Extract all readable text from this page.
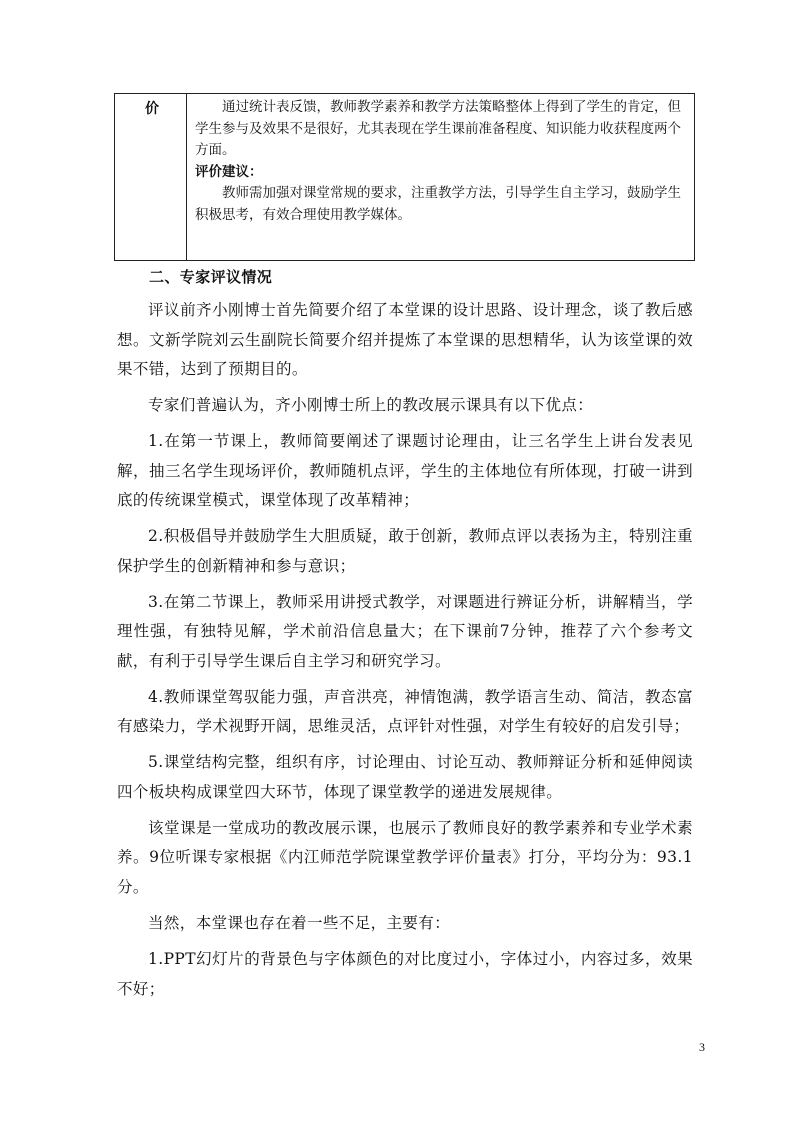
价	通过统计表反馈，教师教学素养和教学方法策略整体上得到了学生的肯定，但学生参与及效果不是很好，尤其表现在学生课前准备程度、知识能力收获程度两个方面。

评价建议：

教师需加强对课堂常规的要求，注重教学方法，引导学生自主学习，鼓励学生积极思考，有效合理使用教学媒体。

二、专家评议情况

评议前齐小刚博士首先简要介绍了本堂课的设计思路、设计理念，谈了教后感想。文新学院刘云生副院长简要介绍并提炼了本堂课的思想精华，认为该堂课的效果不错，达到了预期目的。

专家们普遍认为，齐小刚博士所上的教改展示课具有以下优点：

1.在第一节课上，教师简要阐述了课题讨论理由，让三名学生上讲台发表见解，抽三名学生现场评价，教师随机点评，学生的主体地位有所体现，打破一讲到底的传统课堂模式，课堂体现了改革精神；

2.积极倡导并鼓励学生大胆质疑，敢于创新，教师点评以表扬为主，特别注重保护学生的创新精神和参与意识；

3.在第二节课上，教师采用讲授式教学，对课题进行辨证分析，讲解精当，学理性强，有独特见解，学术前沿信息量大；在下课前7分钟，推荐了六个参考文献，有利于引导学生课后自主学习和研究学习。

4.教师课堂驾驭能力强，声音洪亮，神情饱满，教学语言生动、简洁，教态富有感染力，学术视野开阔，思维灵活，点评针对性强，对学生有较好的启发引导；

5.课堂结构完整，组织有序，讨论理由、讨论互动、教师辩证分析和延伸阅读四个板块构成课堂四大环节，体现了课堂教学的递进发展规律。

该堂课是一堂成功的教改展示课，也展示了教师良好的教学素养和专业学术素养。9位听课专家根据《内江师范学院课堂教学评价量表》打分，平均分为：93.1分。

当然，本堂课也存在着一些不足，主要有：

1.PPT幻灯片的背景色与字体颜色的对比度过小，字体过小，内容过多，效果不好；

3
